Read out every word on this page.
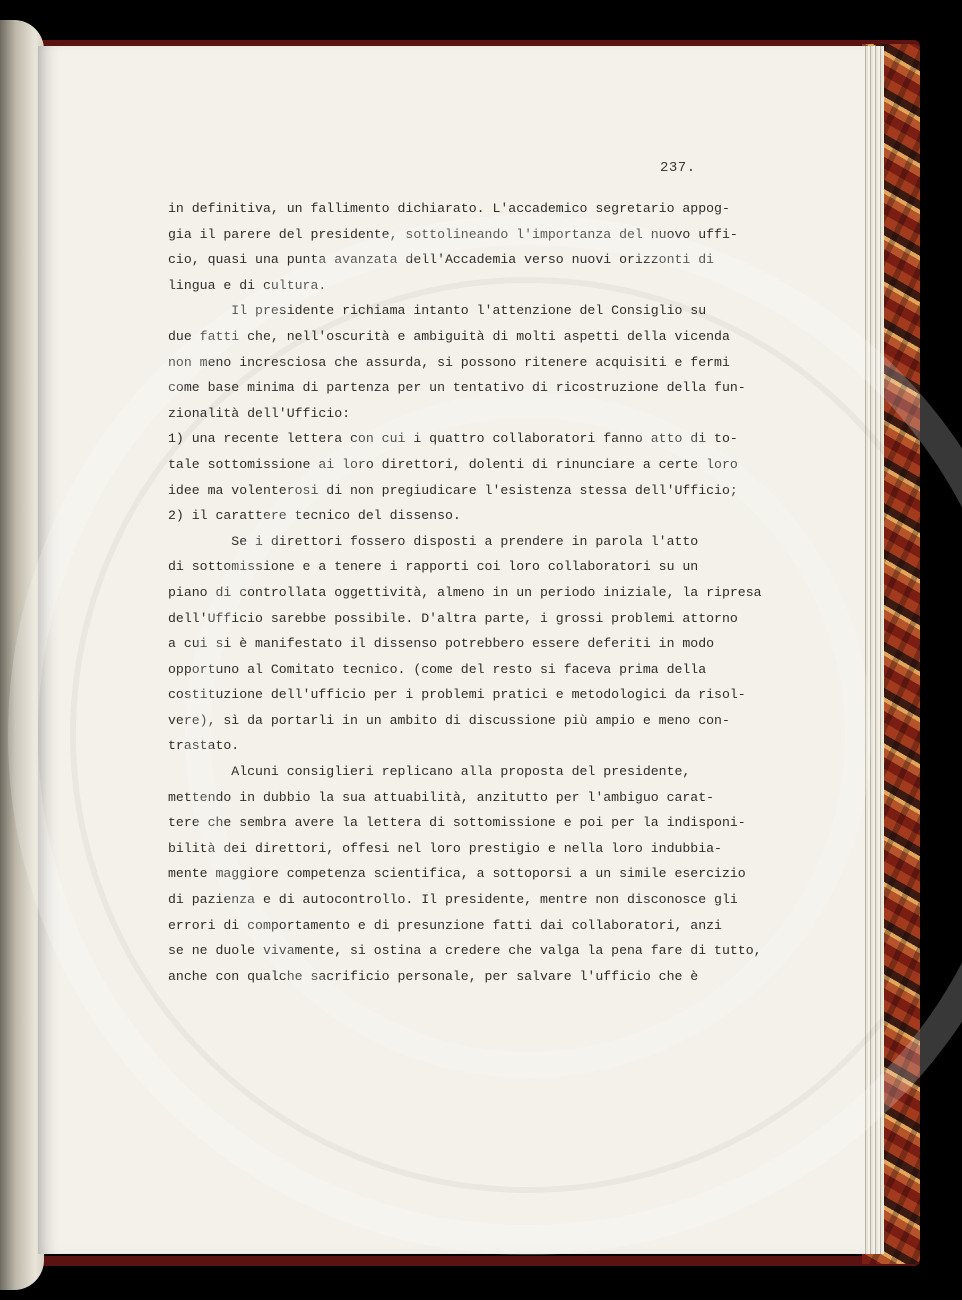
237.
in definitiva, un fallimento dichiarato. L'accademico segretario appog-
gia il parere del presidente, sottolineando l'importanza del nuovo uffi-
cio, quasi una punta avanzata dell'Accademia verso nuovi orizzonti di
lingua e di cultura.
Il presidente richiama intanto l'attenzione del Consiglio su
due fatti che, nell'oscurità e ambiguità di molti aspetti della vicenda
non meno incresciosa che assurda, si possono ritenere acquisiti e fermi
come base minima di partenza per un tentativo di ricostruzione della fun-
zionalità dell'Ufficio:
1) una recente lettera con cui i quattro collaboratori fanno atto di to-
tale sottomissione ai loro direttori, dolenti di rinunciare a certe loro
idee ma volenterosi di non pregiudicare l'esistenza stessa dell'Ufficio;
2) il carattere tecnico del dissenso.
Se i direttori fossero disposti a prendere in parola l'atto
di sottomissione e a tenere i rapporti coi loro collaboratori su un
piano di controllata oggettività, almeno in un periodo iniziale, la ripresa
dell'Ufficio sarebbe possibile. D'altra parte, i grossi problemi attorno
a cui si è manifestato il dissenso potrebbero essere deferiti in modo
opportuno al Comitato tecnico. (come del resto si faceva prima della
costituzione dell'ufficio per i problemi pratici e metodologici da risol-
vere), sì da portarli in un ambito di discussione più ampio e meno con-
trastato.
Alcuni consiglieri replicano alla proposta del presidente,
mettendo in dubbio la sua attuabilità, anzitutto per l'ambiguo carat-
tere che sembra avere la lettera di sottomissione e poi per la indisponi-
bilità dei direttori, offesi nel loro prestigio e nella loro indubbia-
mente maggiore competenza scientifica, a sottoporsi a un simile esercizio
di pazienza e di autocontrollo. Il presidente, mentre non disconosce gli
errori di comportamento e di presunzione fatti dai collaboratori, anzi
se ne duole vivamente, si ostina a credere che valga la pena fare di tutto,
anche con qualche sacrificio personale, per salvare l'ufficio che è
